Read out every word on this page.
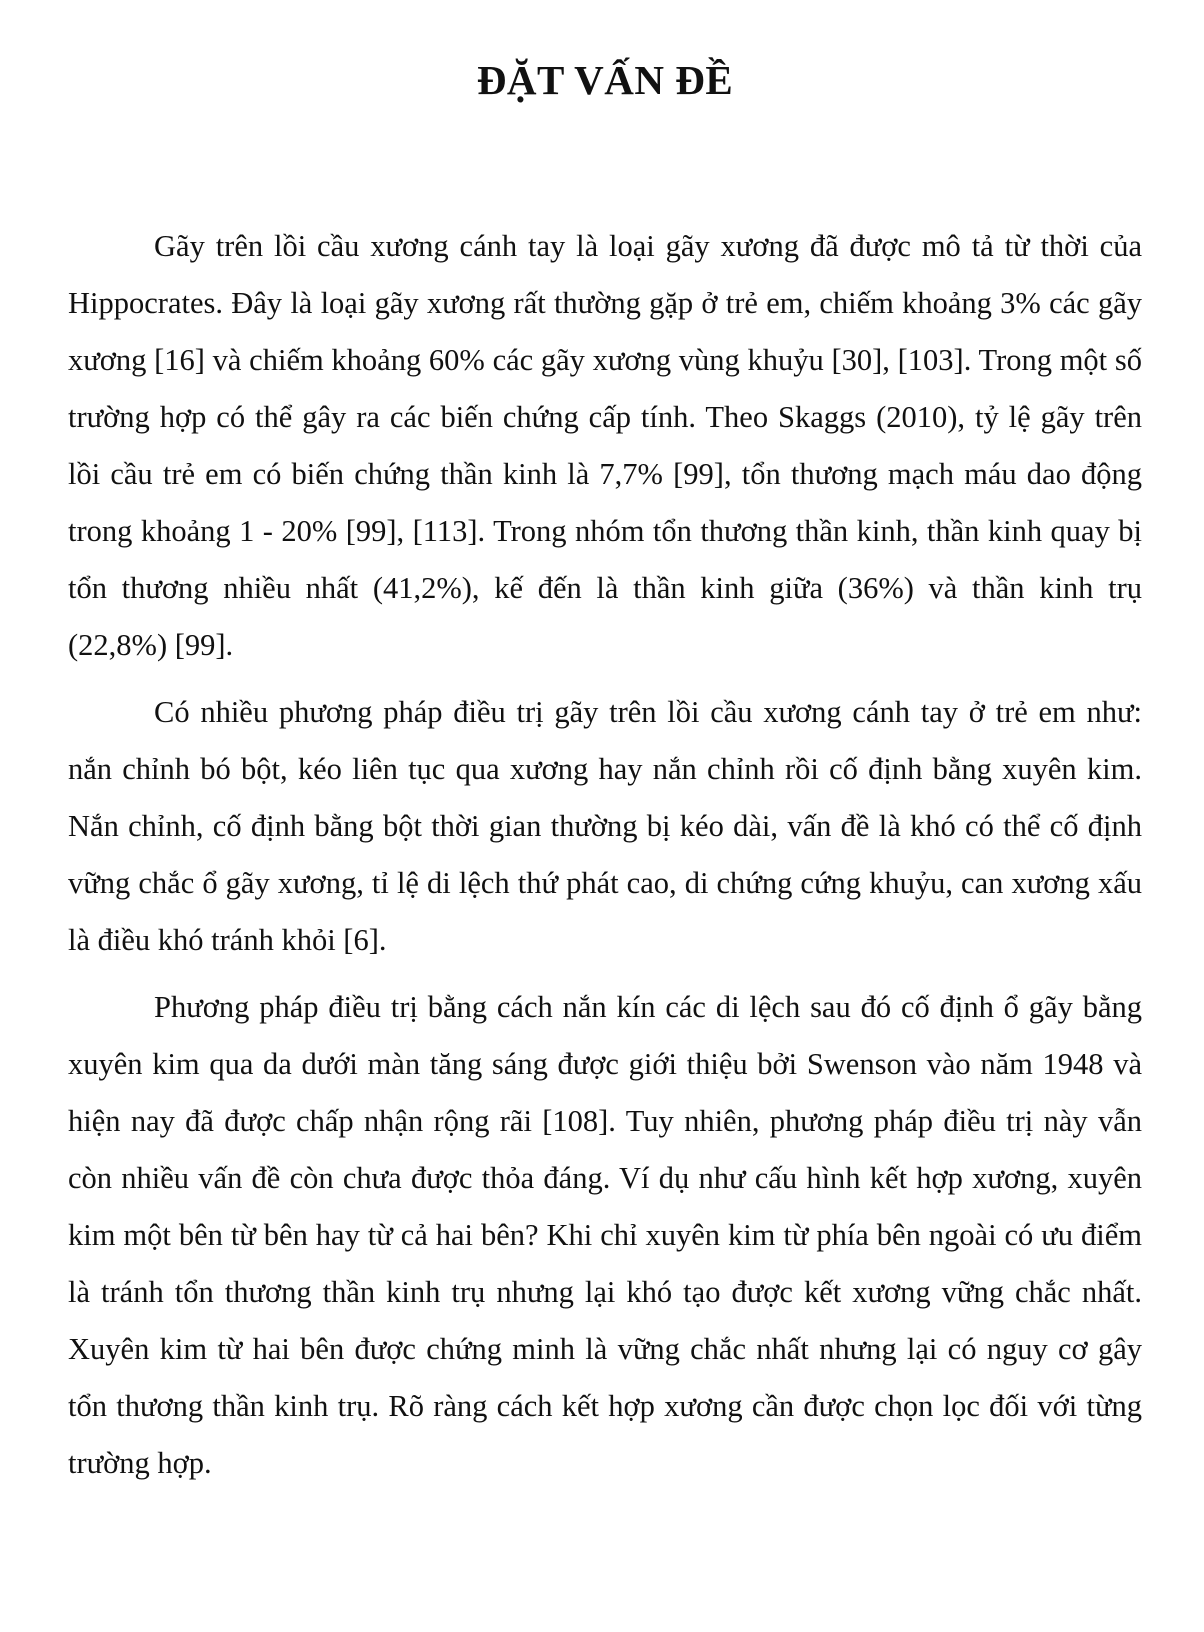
ĐẶT VẤN ĐỀ

Gãy trên lồi cầu xương cánh tay là loại gãy xương đã được mô tả từ thời của Hippocrates. Đây là loại gãy xương rất thường gặp ở trẻ em, chiếm khoảng 3% các gãy xương [16] và chiếm khoảng 60% các gãy xương vùng khuỷu [30], [103]. Trong một số trường hợp có thể gây ra các biến chứng cấp tính. Theo Skaggs (2010), tỷ lệ gãy trên lồi cầu trẻ em có biến chứng thần kinh là 7,7% [99], tổn thương mạch máu dao động trong khoảng 1 - 20% [99], [113]. Trong nhóm tổn thương thần kinh, thần kinh quay bị tổn thương nhiều nhất (41,2%), kế đến là thần kinh giữa (36%) và thần kinh trụ (22,8%) [99].

Có nhiều phương pháp điều trị gãy trên lồi cầu xương cánh tay ở trẻ em như: nắn chỉnh bó bột, kéo liên tục qua xương hay nắn chỉnh rồi cố định bằng xuyên kim. Nắn chỉnh, cố định bằng bột thời gian thường bị kéo dài, vấn đề là khó có thể cố định vững chắc ổ gãy xương, tỉ lệ di lệch thứ phát cao, di chứng cứng khuỷu, can xương xấu là điều khó tránh khỏi [6].

Phương pháp điều trị bằng cách nắn kín các di lệch sau đó cố định ổ gãy bằng xuyên kim qua da dưới màn tăng sáng được giới thiệu bởi Swenson vào năm 1948 và hiện nay đã được chấp nhận rộng rãi [108]. Tuy nhiên, phương pháp điều trị này vẫn còn nhiều vấn đề còn chưa được thỏa đáng. Ví dụ như cấu hình kết hợp xương, xuyên kim một bên từ bên hay từ cả hai bên? Khi chỉ xuyên kim từ phía bên ngoài có ưu điểm là tránh tổn thương thần kinh trụ nhưng lại khó tạo được kết xương vững chắc nhất. Xuyên kim từ hai bên được chứng minh là vững chắc nhất nhưng lại có nguy cơ gây tổn thương thần kinh trụ. Rõ ràng cách kết hợp xương cần được chọn lọc đối với từng trường hợp.
